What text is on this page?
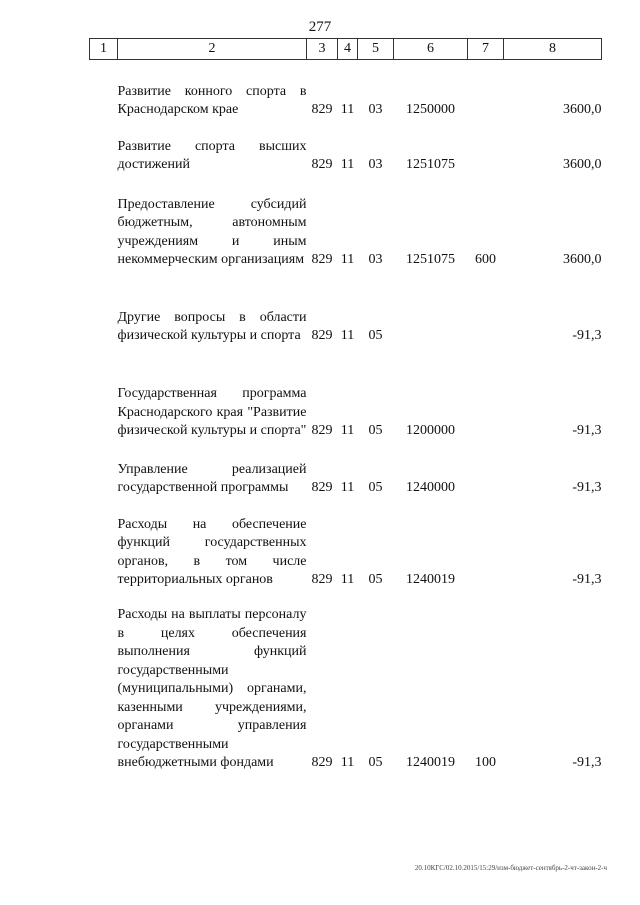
277
1	2	3	4	5	6	7	8
	Развитие конного спорта в Краснодарском крае	829	11	03	1250000		3600,0
	Развитие спорта высших достижений	829	11	03	1251075		3600,0
	Предоставление субсидий бюджетным, автономным учреждениям и иным некоммерческим организациям	829	11	03	1251075	600	3600,0
	Другие вопросы в области физической культуры и спорта	829	11	05			-91,3
	Государственная программа Краснодарского края "Развитие физической культуры и спорта"	829	11	05	1200000		-91,3
	Управление реализацией государственной программы	829	11	05	1240000		-91,3
	Расходы на обеспечение функций государственных органов, в том числе территориальных органов	829	11	05	1240019		-91,3
	Расходы на выплаты персоналу в целях обеспечения выполнения функций государственными (муниципальными) органами, казенными учреждениями, органами управления государственными внебюджетными фондами	829	11	05	1240019	100	-91,3
20.10КГС/02.10.2015/15:29/изм-бюджет-сентябрь-2-чт-закон-2-ч
